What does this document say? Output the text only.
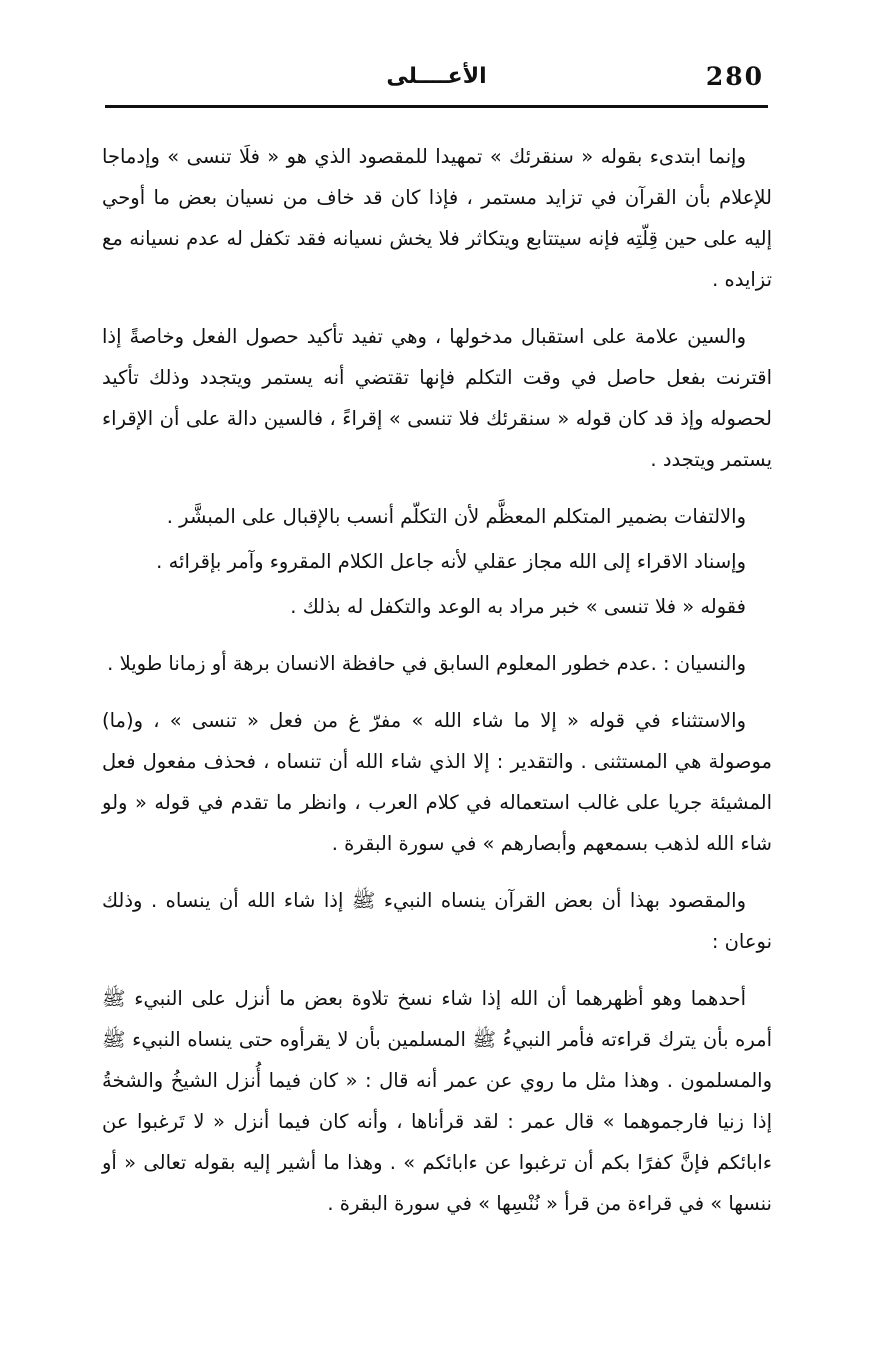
280
الأعــــلى

وإنما ابتدىء بقوله « سنقرئك » تمهيدا للمقصود الذي هو « فلَا تنسى » وإدماجا للإعلام بأن القرآن في تزايد مستمر ، فإذا كان قد خاف من نسيان بعض ما أوحي إليه على حين قِلّتِه فإنه سيتتابع ويتكاثر فلا يخش نسيانه فقد تكفل له عدم نسيانه مع تزايده .

والسين علامة على استقبال مدخولها ، وهي تفيد تأكيد حصول الفعل وخاصةً إذا اقترنت بفعل حاصل في وقت التكلم فإنها تقتضي أنه يستمر ويتجدد وذلك تأكيد لحصوله وإذ قد كان قوله « سنقرئك فلا تنسى » إقراءً ، فالسين دالة على أن الإقراء يستمر ويتجدد .

والالتفات بضمير المتكلم المعظَّم لأن التكلّم أنسب بالإقبال على المبشَّر .

وإسناد الاقراء إلى الله مجاز عقلي لأنه جاعل الكلام المقروء وآمر بإقرائه .

فقوله « فلا تنسى » خبر مراد به الوعد والتكفل له بذلك .

والنسيان : .عدم خطور المعلوم السابق في حافظة الانسان برهة أو زمانا طويلا .

والاستثناء في قوله « إلا ما شاء الله » مفرّ غ من فعل « تنسى » ، و(ما) موصولة هي المستثنى . والتقدير : إلا الذي شاء الله أن تنساه ، فحذف مفعول فعل المشيئة جريا على غالب استعماله في كلام العرب ، وانظر ما تقدم في قوله « ولو شاء الله لذهب بسمعهم وأبصارهم » في سورة البقرة .

والمقصود بهذا أن بعض القرآن ينساه النبيء ﷺ إذا شاء الله أن ينساه . وذلك نوعان :

أحدهما وهو أظهرهما أن الله إذا شاء نسخ تلاوة بعض ما أنزل على النبيء ﷺ أمره بأن يترك قراءته فأمر النبيءُ ﷺ المسلمين بأن لا يقرأوه حتى ينساه النبيء ﷺ والمسلمون . وهذا مثل ما روي عن عمر أنه قال : « كان فيما أُنزل الشيخُ والشخةُ إذا زنيا فارجموهما » قال عمر : لقد قرأناها ، وأنه كان فيما أنزل « لا تَرغبوا عن ءابائكم فإنَّ كفرًا بكم أن ترغبوا عن ءابائكم » . وهذا ما أشير إليه بقوله تعالى « أو ننسها » في قراءة من قرأ « نُنْسِها » في سورة البقرة .
